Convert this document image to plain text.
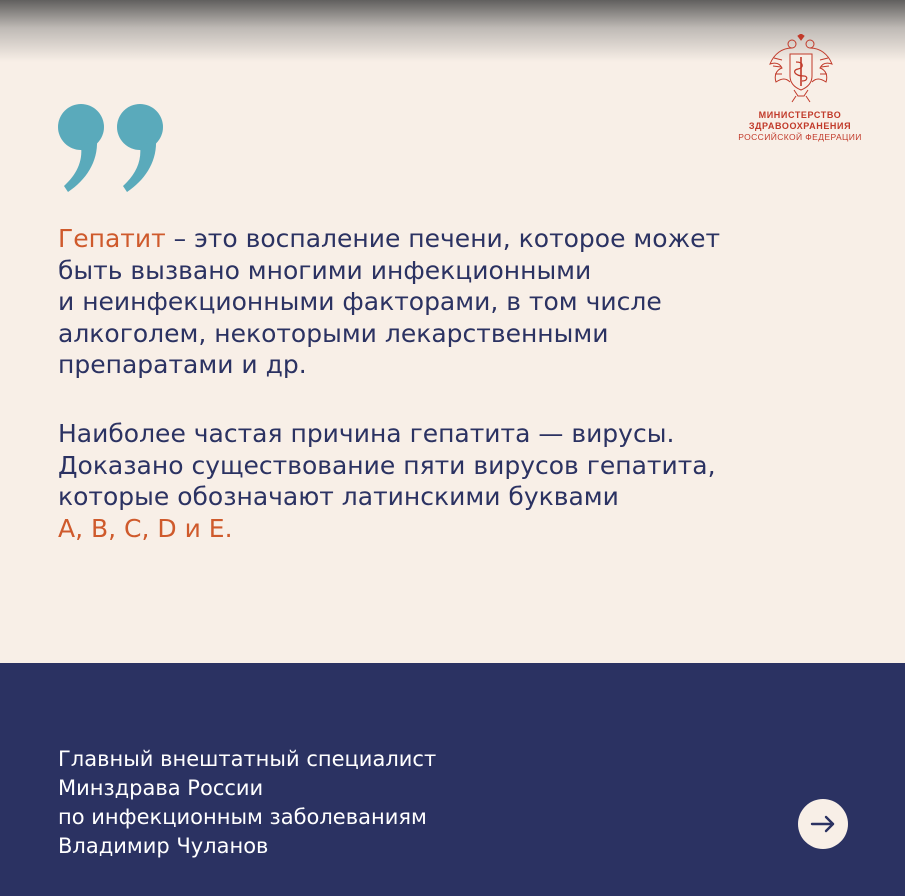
МИНИСТЕРСТВО
ЗДРАВООХРАНЕНИЯ
РОССИЙСКОЙ ФЕДЕРАЦИИ
Гепатит – это воспаление печени, которое может
быть вызвано многими инфекционными
и неинфекционными факторами, в том числе
алкоголем, некоторыми лекарственными
препаратами и др.
Наиболее частая причина гепатита — вирусы.
Доказано существование пяти вирусов гепатита,
которые обозначают латинскими буквами
А, В, С, D и Е.
Главный внештатный специалист
Минздрава России
по инфекционным заболеваниям
Владимир Чуланов
